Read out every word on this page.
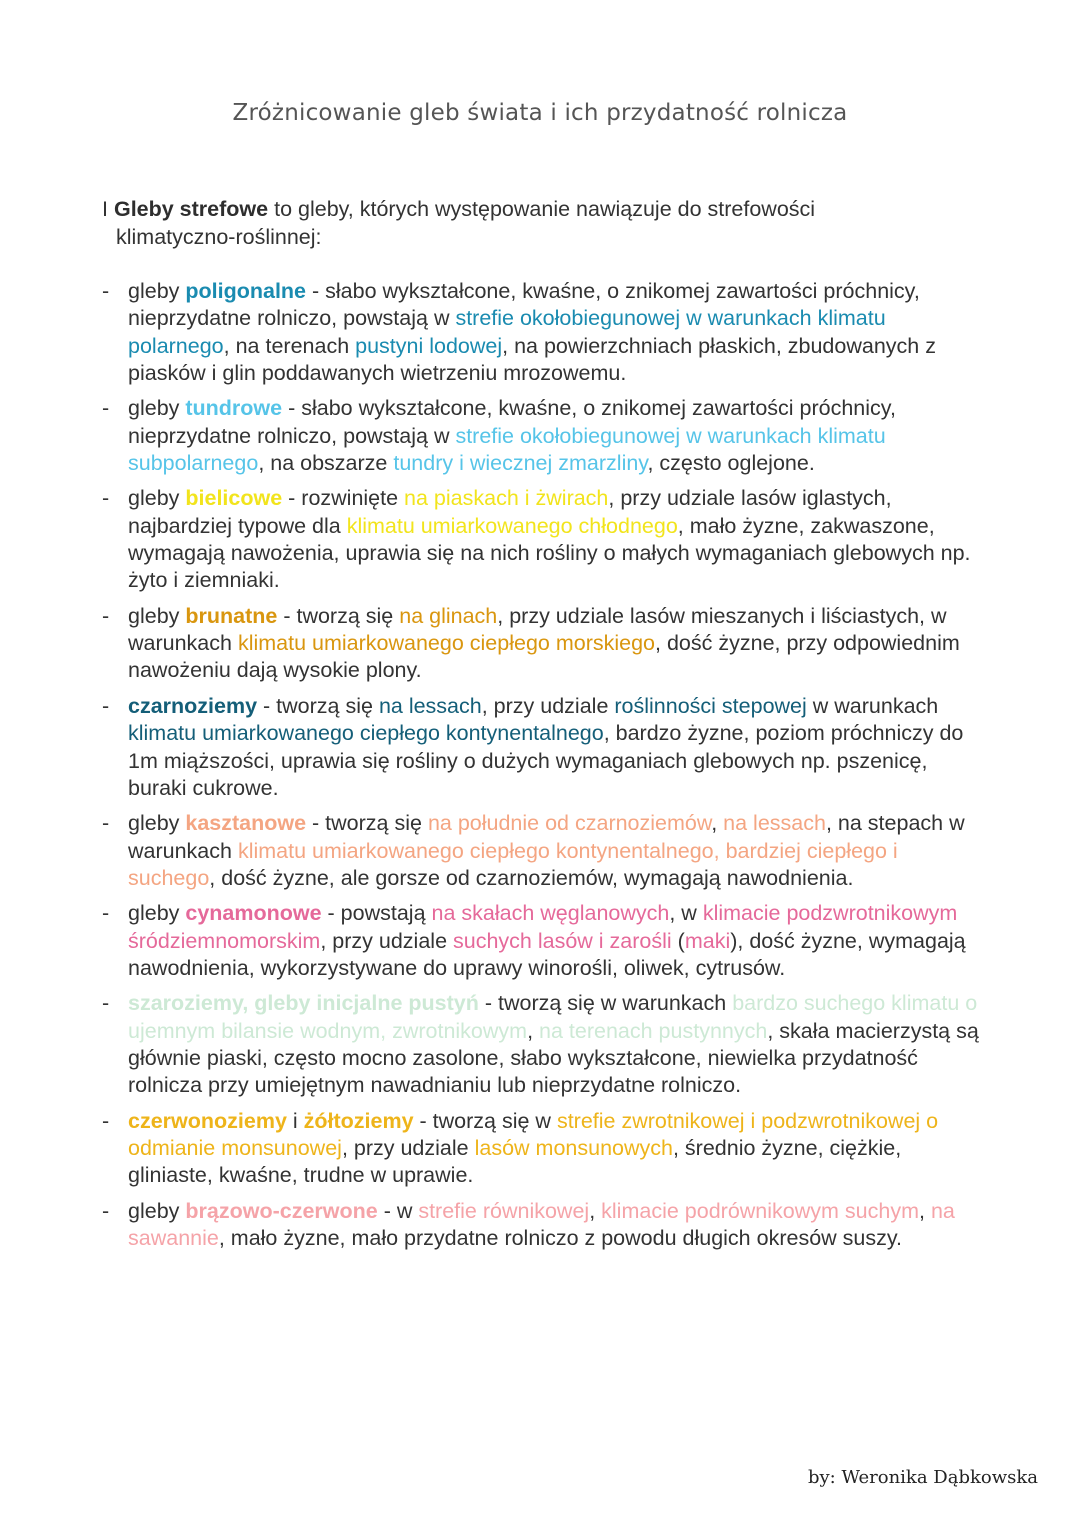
Zróżnicowanie gleb świata i ich przydatność rolnicza
I Gleby strefowe to gleby, których występowanie nawiązuje do strefowości
klimatyczno-roślinnej:
- gleby poligonalne - słabo wykształcone, kwaśne, o znikomej zawartości próchnicy, nieprzydatne rolniczo, powstają w strefie okołobiegunowej w warunkach klimatu polarnego, na terenach pustyni lodowej, na powierzchniach płaskich, zbudowanych z piasków i glin poddawanych wietrzeniu mrozowemu.
- gleby tundrowe - słabo wykształcone, kwaśne, o znikomej zawartości próchnicy, nieprzydatne rolniczo, powstają w strefie okołobiegunowej w warunkach klimatu subpolarnego, na obszarze tundry i wiecznej zmarzliny, często oglejone.
- gleby bielicowe - rozwinięte na piaskach i żwirach, przy udziale lasów iglastych, najbardziej typowe dla klimatu umiarkowanego chłodnego, mało żyzne, zakwaszone, wymagają nawożenia, uprawia się na nich rośliny o małych wymaganiach glebowych np. żyto i ziemniaki.
- gleby brunatne - tworzą się na glinach, przy udziale lasów mieszanych i liściastych, w warunkach klimatu umiarkowanego ciepłego morskiego, dość żyzne, przy odpowiednim nawożeniu dają wysokie plony.
- czarnoziemy - tworzą się na lessach, przy udziale roślinności stepowej w warunkach klimatu umiarkowanego ciepłego kontynentalnego, bardzo żyzne, poziom próchniczy do 1m miąższości, uprawia się rośliny o dużych wymaganiach glebowych np. pszenicę, buraki cukrowe.
- gleby kasztanowe - tworzą się na południe od czarnoziemów, na lessach, na stepach w warunkach klimatu umiarkowanego ciepłego kontynentalnego, bardziej ciepłego i suchego, dość żyzne, ale gorsze od czarnoziemów, wymagają nawodnienia.
- gleby cynamonowe - powstają na skałach węglanowych, w klimacie podzwrotnikowym śródziemnomorskim, przy udziale suchych lasów i zarośli (maki), dość żyzne, wymagają nawodnienia, wykorzystywane do uprawy winorośli, oliwek, cytrusów.
- szaroziemy, gleby inicjalne pustyń - tworzą się w warunkach bardzo suchego klimatu o ujemnym bilansie wodnym, zwrotnikowym, na terenach pustynnych, skała macierzystą są głównie piaski, często mocno zasolone, słabo wykształcone, niewielka przydatność rolnicza przy umiejętnym nawadnianiu lub nieprzydatne rolniczo.
- czerwonoziemy i żółtoziemy - tworzą się w strefie zwrotnikowej i podzwrotnikowej o odmianie monsunowej, przy udziale lasów monsunowych, średnio żyzne, ciężkie, gliniaste, kwaśne, trudne w uprawie.
- gleby brązowo-czerwone - w strefie równikowej, klimacie podrównikowym suchym, na sawannie, mało żyzne, mało przydatne rolniczo z powodu długich okresów suszy.
by: Weronika Dąbkowska
